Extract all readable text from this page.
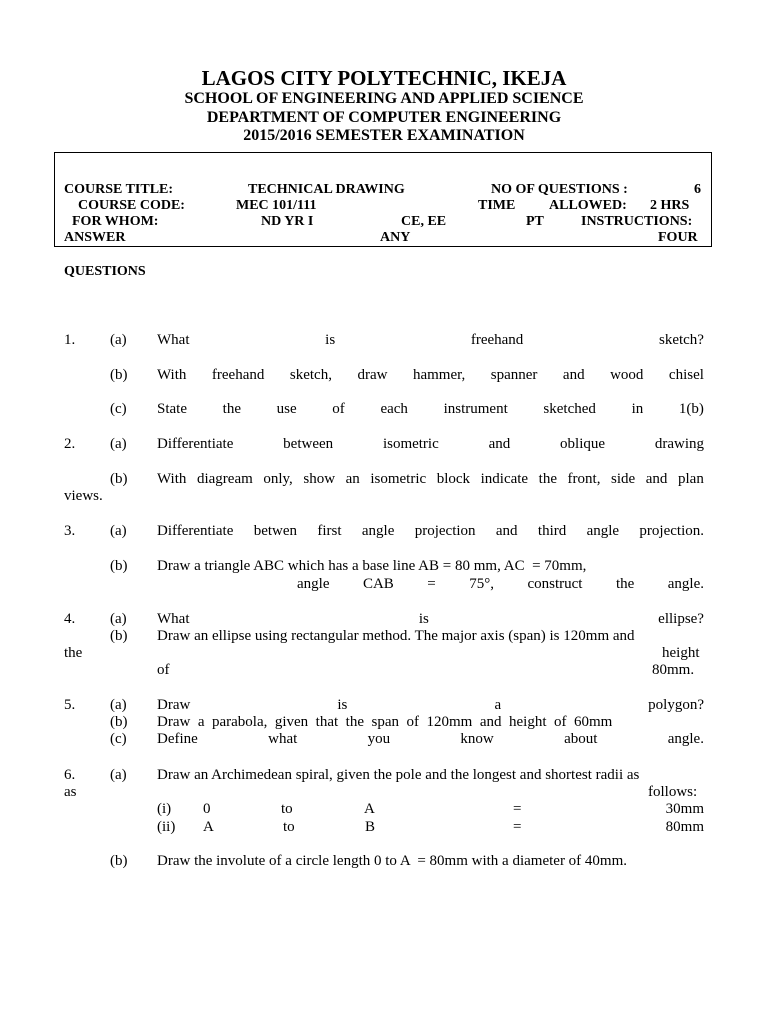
LAGOS CITY POLYTECHNIC, IKEJA
SCHOOL OF ENGINEERING AND APPLIED SCIENCE
DEPARTMENT OF COMPUTER ENGINEERING
2015/2016 SEMESTER EXAMINATION
COURSE TITLE:	TECHNICAL DRAWING	NO OF QUESTIONS :	6
COURSE CODE:	MEC 101/111	TIME ALLOWED: 2 HRS
FOR WHOM:	ND YR I	CE, EE	PT	INSTRUCTIONS:
ANSWER	ANY	FOUR
QUESTIONS
1. (a) What	is	freehand	sketch?
(b) With freehand sketch, draw hammer, spanner and wood chisel
(c) State the use of each instrument sketched in 1(b)
2. (a) Differentiate	between	isometric	and	oblique	drawing
(b) With diagream only, show an isometric block indicate the front, side and plan
views.
3. (a) Differentiate betwen first angle projection and third angle projection.
(b) Draw a triangle ABC which has a base line AB = 80 mm, AC  = 70mm,
angle CAB = 75°, construct the angle.
4. (a) What	is	ellipse?
(b) Draw an ellipse using rectangular method. The major axis (span) is 120mm and
the	height
of	80mm.
5. (a) Draw	is	a	polygon?
(b) Draw  a  parabola,  given  that  the  span  of  120mm  and  height  of  60mm
(c) Define	what	you	know	about	angle.
6. (a) Draw an Archimedean spiral, given the pole and the longest and shortest radii as
as	follows:
(i) 0	to	A	=	30mm
(ii) A	to	B	=	80mm
(b) Draw the involute of a circle length 0 to A  = 80mm with a diameter of 40mm.
